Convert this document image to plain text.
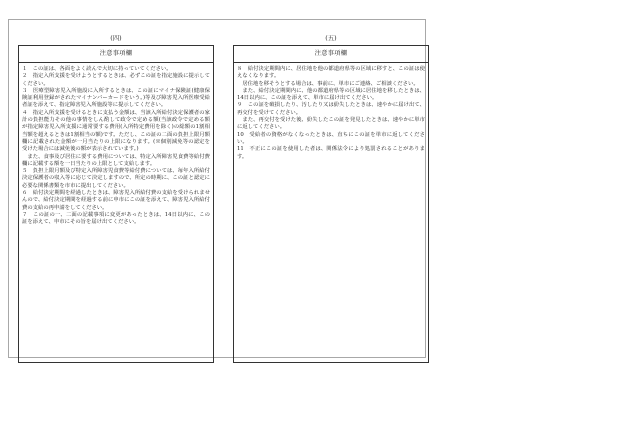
(四)
注意事項欄

１　この証は、各面をよく読んで大切に持っていてください。

２　指定入所支援を受けようとするときは、必ずこの証を指定施設に提示してください。

３　医療型障害児入所施設に入所するときは、この証にマイナ保険証(健康保険証利用登録がされたマイナンバーカードをいう。)等及び障害児入所医療受給者証を添えて、指定障害児入所施設等に提示してください。

４　指定入所支援を受けるときに支払う金額は、当該入所給付決定保護者の家計の負担能力その他の事情をしん酌して政令で定める額(当該政令で定める額が指定障害児入所支援に通常要する費用(入所特定費用を除く)の総額の1割相当額を超えるときは1割相当の額)です。ただし、この証の二面の負担上限月額欄に記載された金額が一月当たりの上限になります。(※個別減免等の認定を受けた場合には減免後の額が表示されています。)

　また、食事及び居住に要する費用については、特定入所障害児食費等給付費欄に記載する額を一日当たりの上限として支給します。

５　負担上限月額及び特定入所障害児食費等給付費については、毎年入所給付決定保護者の収入等に応じて決定しますので、所定の時期に、この証と認定に必要な関係書類を市市に提出してください。

６　給付決定期間を経過したときは、障害児入所給付費の支給を受けられませんので、給付決定期間を経過する前に申市にこの証を添えて、障害児入所給付費の支給の再申請をしてください。

７　この証の一、二面の記載事項に変更があったときは、14日以内に、この証を添えて、申市にその旨を届け出てください。

(五)
注意事項欄

８　給付決定期間内に、居住地を他の都道府県等の区域に移すと、この証は使えなくなります。

　居住地を移そうとする場合は、事前に、単市にご連絡、ご相談ください。

　また、給付決定期間内に、他の都道府県等の区域に居住地を移したときは、14日以内に、この証を添えて、単市に届け出てください。

９　この証を破損したり、汚したり又は紛失したときは、速やかに届け出て、再交付を受けてください。

　また、再交付を受けた後、紛失したこの証を発見したときは、速やかに単市に返してください。

10　受給者の資格がなくなったときは、直ちにこの証を単市に返してください。

11　不正にこの証を使用した者は、関係法令により処罰されることがあります。
